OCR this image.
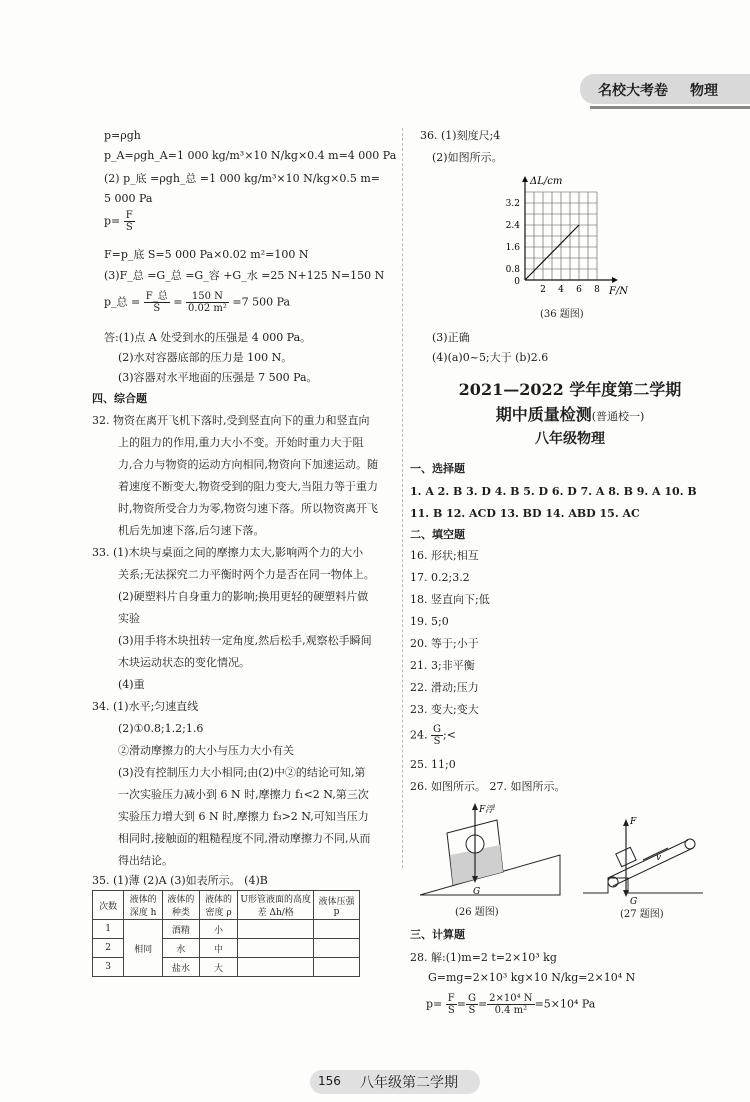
名校大考卷 物理
p=ρgh
p_A=ρgh_A=1 000 kg/m³×10 N/kg×0.4 m=4 000 Pa
(2) p_底 =ρgh_总 =1 000 kg/m³×10 N/kg×0.5 m=
5 000 Pa
$p= \frac{F}{S}$
F=p_底 S=5 000 Pa×0.02 m²=100 N
(3)F_总 =G_总 =G_容 +G_水 =25 N+125 N=150 N
p_总 = $\frac{\text{F\_总}}{S} = \frac{150 N}{\text{0.02 m²}} =7$ 500 Pa
答:(1)点 A 处受到水的压强是 4 000 Pa。
(2)水对容器底部的压力是 100 N。
(3)容器对水平地面的压强是 7 500 Pa。
四、综合题
32. 物资在离开飞机下落时,受到竖直向下的重力和竖直向
上的阻力的作用,重力大小不变。开始时重力大于阻
力,合力与物资的运动方向相同,物资向下加速运动。随
着速度不断变大,物资受到的阻力变大,当阻力等于重力
时,物资所受合力为零,物资匀速下落。所以物资离开飞
机后先加速下落,后匀速下落。
33. (1)木块与桌面之间的摩擦力太大,影响两个力的大小
关系;无法探究二力平衡时两个力是否在同一物体上。
(2)硬塑料片自身重力的影响;换用更轻的硬塑料片做
实验
(3)用手将木块扭转一定角度,然后松手,观察松手瞬间
木块运动状态的变化情况。
(4)重
34. (1)水平;匀速直线
(2)①0.8;1.2;1.6
②滑动摩擦力的大小与压力大小有关
(3)没有控制压力大小相同;由(2)中②的结论可知,第
一次实验压力减小到 6 N 时,摩擦力 f₁<2 N,第三次
实验压力增大到 6 N 时,摩擦力 f₃>2 N,可知当压力
相同时,接触面的粗糙程度不同,滑动摩擦力不同,从而
得出结论。
35. (1)薄 (2)A (3)如表所示。 (4)B
次数	液体的深度 h	液体的种类	液体的密度 ρ	U形管液面的高度差 Δh/格	液体压强 p
1	相同	酒精	小		
2		水	中		
3		盐水	大		
36. (1)刻度尺;4
(2)如图所示。
ΔL/cm
F/N
3.2
2.4
1.6
0.8
0
2 4 6 8
(36 题图)
(3)正确
(4)(a)0~5;大于 (b)2.6
2021—2022 学年度第二学期
期中质量检测(普通校一)
八年级物理
一、选择题
1. A 2. B 3. D 4. B 5. D 6. D 7. A 8. B 9. A 10. B
11. B 12. ACD 13. BD 14. ABD 15. AC
二、填空题
16. 形状;相互
17. 0.2;3.2
18. 竖直向下;低
19. 5;0
20. 等于;小于
21. 3;非平衡
22. 滑动;压力
23. 变大;变大
24. $\frac{G}{S}$ ;<
25. 11;0
26. 如图所示。 27. 如图所示。
F浮
G
(26 题图)
F
v
G
(27 题图)
三、计算题
28. 解:(1)m=2 t=2×10³ kg
G=mg=2×10³ kg×10 N/kg=2×10⁴ N
$p= \frac{F}{S} = \frac{G}{S} = \frac{\text{2×10⁴ N}}{\text{0.4 m²}} =5\times 10^4$ Pa
156 八年级第二学期
